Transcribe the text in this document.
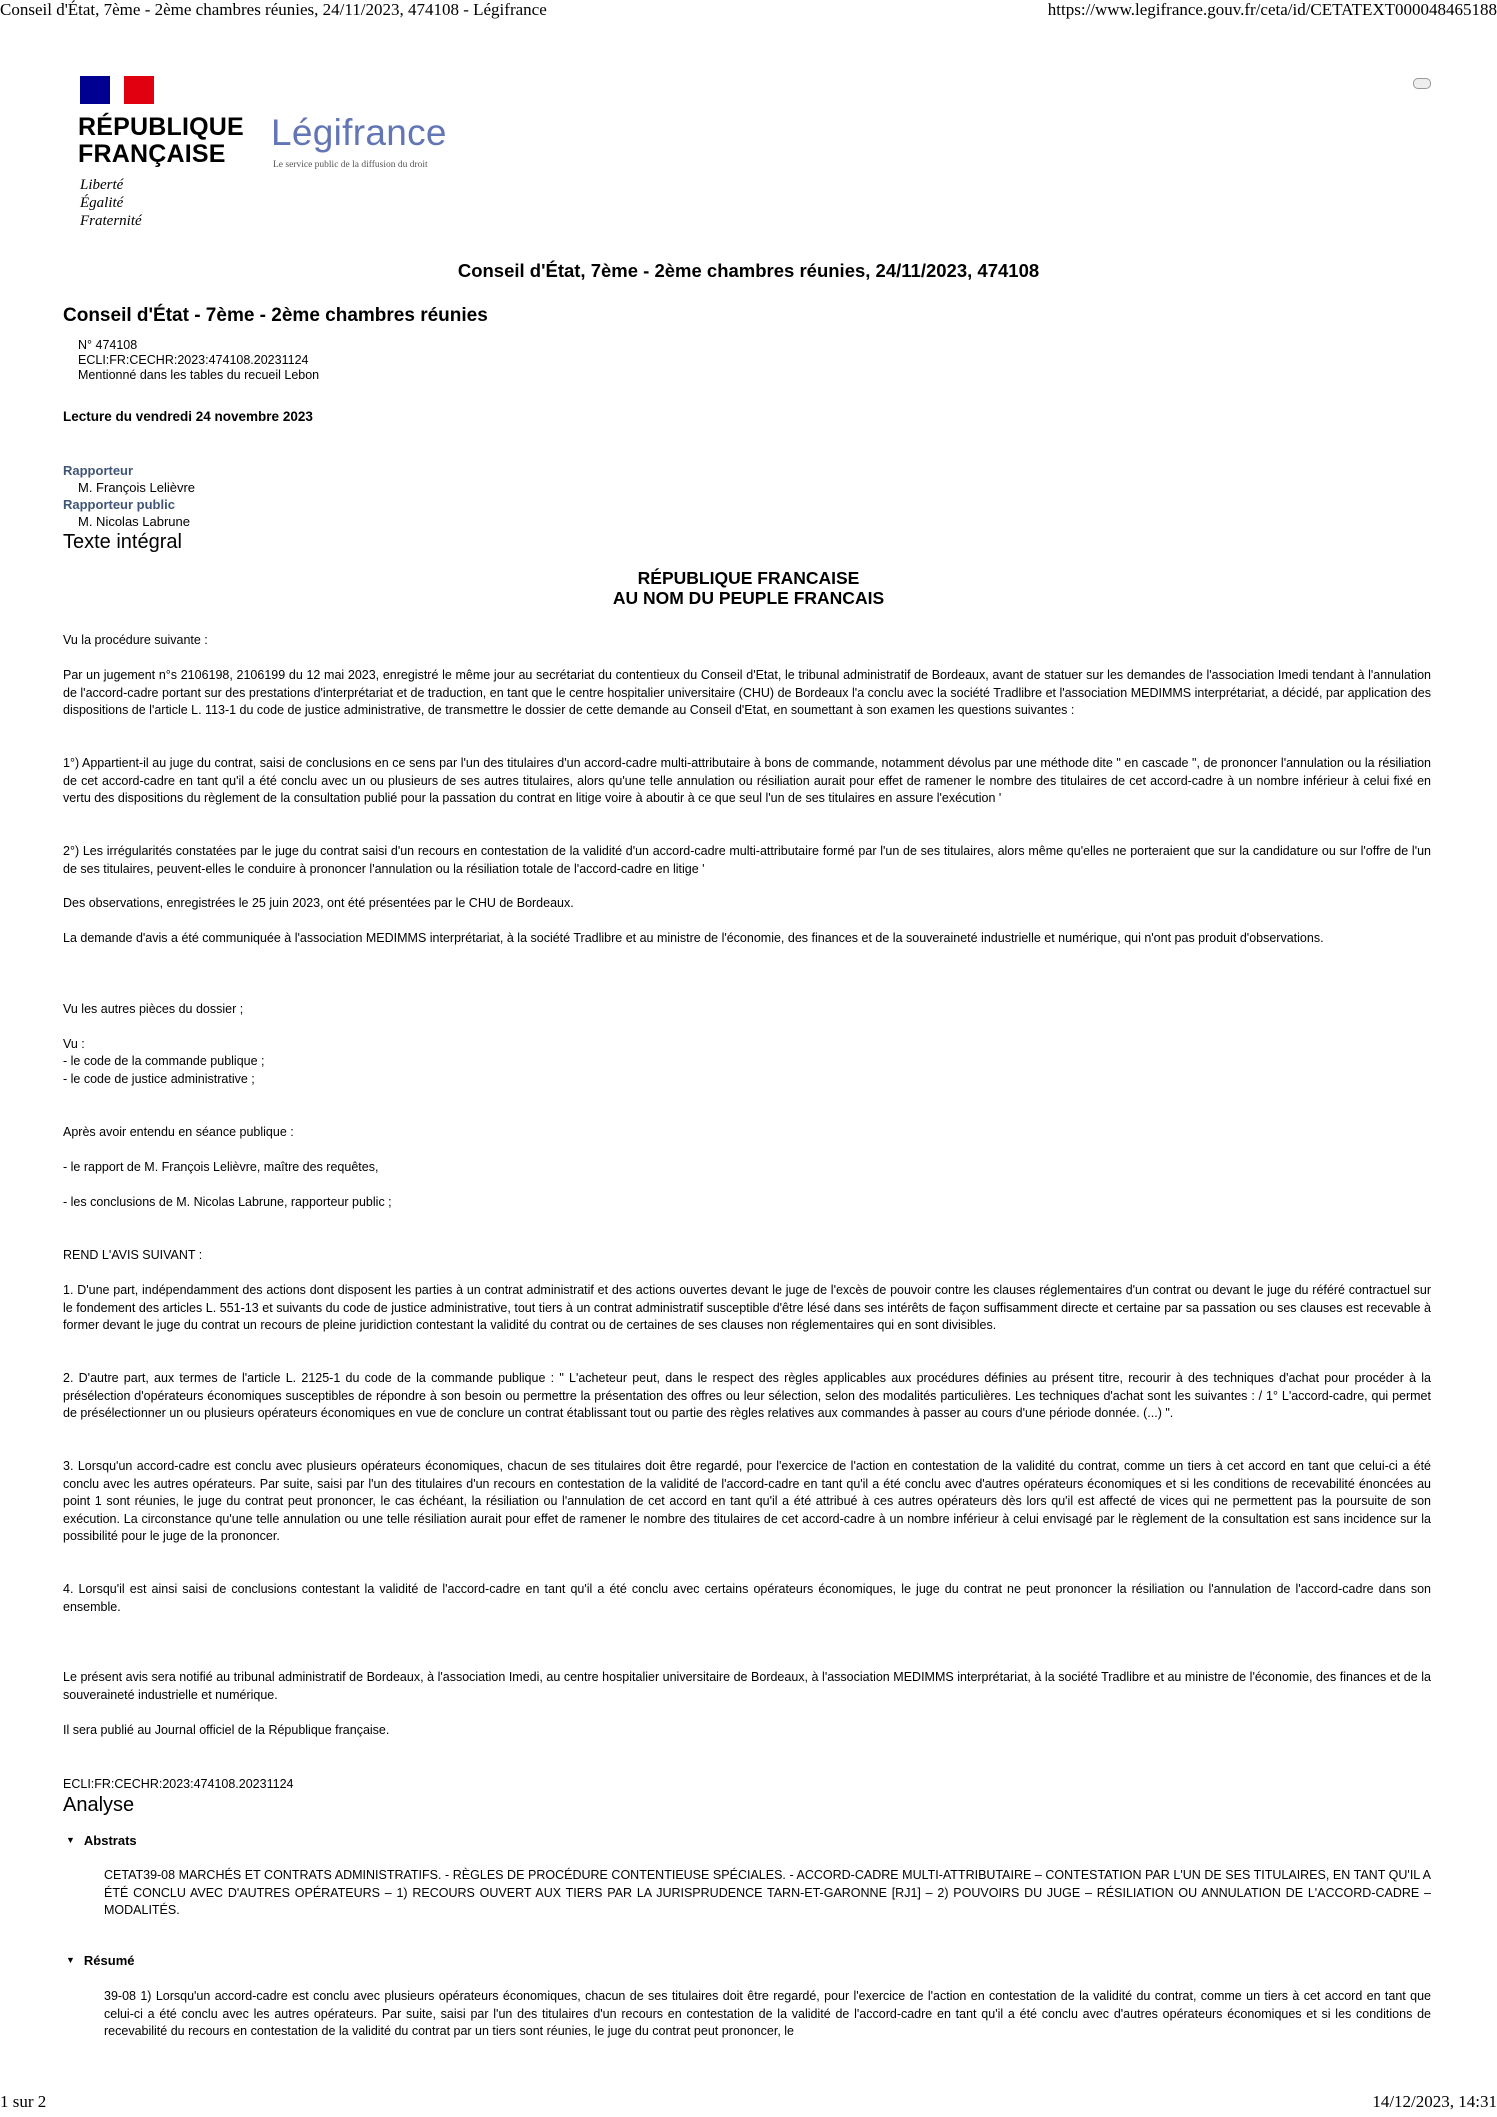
Conseil d'État, 7ème - 2ème chambres réunies, 24/11/2023, 474108 - Légifrance	https://www.legifrance.gouv.fr/ceta/id/CETATEXT000048465188
RÉPUBLIQUE
FRANÇAISE
Liberté
Égalité
Fraternité
Légifrance
Le service public de la diffusion du droit
Conseil d'État, 7ème - 2ème chambres réunies, 24/11/2023, 474108
Conseil d'État - 7ème - 2ème chambres réunies
N° 474108
ECLI:FR:CECHR:2023:474108.20231124
Mentionné dans les tables du recueil Lebon
Lecture du vendredi 24 novembre 2023
Rapporteur
M. François Lelièvre
Rapporteur public
M. Nicolas Labrune
Texte intégral
RÉPUBLIQUE FRANCAISE
AU NOM DU PEUPLE FRANCAIS
Vu la procédure suivante :
Par un jugement n°s 2106198, 2106199 du 12 mai 2023, enregistré le même jour au secrétariat du contentieux du Conseil d'Etat, le tribunal administratif de Bordeaux, avant de statuer sur les demandes de l'association Imedi tendant à l'annulation de l'accord-cadre portant sur des prestations d'interprétariat et de traduction, en tant que le centre hospitalier universitaire (CHU) de Bordeaux l'a conclu avec la société Tradlibre et l'association MEDIMMS interprétariat, a décidé, par application des dispositions de l'article L. 113-1 du code de justice administrative, de transmettre le dossier de cette demande au Conseil d'Etat, en soumettant à son examen les questions suivantes :
1°) Appartient-il au juge du contrat, saisi de conclusions en ce sens par l'un des titulaires d'un accord-cadre multi-attributaire à bons de commande, notamment dévolus par une méthode dite " en cascade ", de prononcer l'annulation ou la résiliation de cet accord-cadre en tant qu'il a été conclu avec un ou plusieurs de ses autres titulaires, alors qu'une telle annulation ou résiliation aurait pour effet de ramener le nombre des titulaires de cet accord-cadre à un nombre inférieur à celui fixé en vertu des dispositions du règlement de la consultation publié pour la passation du contrat en litige voire à aboutir à ce que seul l'un de ses titulaires en assure l'exécution '
2°) Les irrégularités constatées par le juge du contrat saisi d'un recours en contestation de la validité d'un accord-cadre multi-attributaire formé par l'un de ses titulaires, alors même qu'elles ne porteraient que sur la candidature ou sur l'offre de l'un de ses titulaires, peuvent-elles le conduire à prononcer l'annulation ou la résiliation totale de l'accord-cadre en litige '
Des observations, enregistrées le 25 juin 2023, ont été présentées par le CHU de Bordeaux.
La demande d'avis a été communiquée à l'association MEDIMMS interprétariat, à la société Tradlibre et au ministre de l'économie, des finances et de la souveraineté industrielle et numérique, qui n'ont pas produit d'observations.
Vu les autres pièces du dossier ;
Vu :
- le code de la commande publique ;
- le code de justice administrative ;
Après avoir entendu en séance publique :
- le rapport de M. François Lelièvre, maître des requêtes,
- les conclusions de M. Nicolas Labrune, rapporteur public ;
REND L'AVIS SUIVANT :
1. D'une part, indépendamment des actions dont disposent les parties à un contrat administratif et des actions ouvertes devant le juge de l'excès de pouvoir contre les clauses réglementaires d'un contrat ou devant le juge du référé contractuel sur le fondement des articles L. 551-13 et suivants du code de justice administrative, tout tiers à un contrat administratif susceptible d'être lésé dans ses intérêts de façon suffisamment directe et certaine par sa passation ou ses clauses est recevable à former devant le juge du contrat un recours de pleine juridiction contestant la validité du contrat ou de certaines de ses clauses non réglementaires qui en sont divisibles.
2. D'autre part, aux termes de l'article L. 2125-1 du code de la commande publique : " L'acheteur peut, dans le respect des règles applicables aux procédures définies au présent titre, recourir à des techniques d'achat pour procéder à la présélection d'opérateurs économiques susceptibles de répondre à son besoin ou permettre la présentation des offres ou leur sélection, selon des modalités particulières. Les techniques d'achat sont les suivantes : / 1° L'accord-cadre, qui permet de présélectionner un ou plusieurs opérateurs économiques en vue de conclure un contrat établissant tout ou partie des règles relatives aux commandes à passer au cours d'une période donnée. (...) ".
3. Lorsqu'un accord-cadre est conclu avec plusieurs opérateurs économiques, chacun de ses titulaires doit être regardé, pour l'exercice de l'action en contestation de la validité du contrat, comme un tiers à cet accord en tant que celui-ci a été conclu avec les autres opérateurs. Par suite, saisi par l'un des titulaires d'un recours en contestation de la validité de l'accord-cadre en tant qu'il a été conclu avec d'autres opérateurs économiques et si les conditions de recevabilité énoncées au point 1 sont réunies, le juge du contrat peut prononcer, le cas échéant, la résiliation ou l'annulation de cet accord en tant qu'il a été attribué à ces autres opérateurs dès lors qu'il est affecté de vices qui ne permettent pas la poursuite de son exécution. La circonstance qu'une telle annulation ou une telle résiliation aurait pour effet de ramener le nombre des titulaires de cet accord-cadre à un nombre inférieur à celui envisagé par le règlement de la consultation est sans incidence sur la possibilité pour le juge de la prononcer.
4. Lorsqu'il est ainsi saisi de conclusions contestant la validité de l'accord-cadre en tant qu'il a été conclu avec certains opérateurs économiques, le juge du contrat ne peut prononcer la résiliation ou l'annulation de l'accord-cadre dans son ensemble.
Le présent avis sera notifié au tribunal administratif de Bordeaux, à l'association Imedi, au centre hospitalier universitaire de Bordeaux, à l'association MEDIMMS interprétariat, à la société Tradlibre et au ministre de l'économie, des finances et de la souveraineté industrielle et numérique.
Il sera publié au Journal officiel de la République française.
ECLI:FR:CECHR:2023:474108.20231124
Analyse
▼ Abstrats
CETAT39-08 MARCHÉS ET CONTRATS ADMINISTRATIFS. - RÈGLES DE PROCÉDURE CONTENTIEUSE SPÉCIALES. - ACCORD-CADRE MULTI-ATTRIBUTAIRE – CONTESTATION PAR L'UN DE SES TITULAIRES, EN TANT QU'IL A ÉTÉ CONCLU AVEC D'AUTRES OPÉRATEURS – 1) RECOURS OUVERT AUX TIERS PAR LA JURISPRUDENCE TARN-ET-GARONNE [RJ1] – 2) POUVOIRS DU JUGE – RÉSILIATION OU ANNULATION DE L'ACCORD-CADRE – MODALITÉS.
▼ Résumé
39-08 1) Lorsqu'un accord-cadre est conclu avec plusieurs opérateurs économiques, chacun de ses titulaires doit être regardé, pour l'exercice de l'action en contestation de la validité du contrat, comme un tiers à cet accord en tant que celui-ci a été conclu avec les autres opérateurs. Par suite, saisi par l'un des titulaires d'un recours en contestation de la validité de l'accord-cadre en tant qu'il a été conclu avec d'autres opérateurs économiques et si les conditions de recevabilité du recours en contestation de la validité du contrat par un tiers sont réunies, le juge du contrat peut prononcer, le
1 sur 2	14/12/2023, 14:31
